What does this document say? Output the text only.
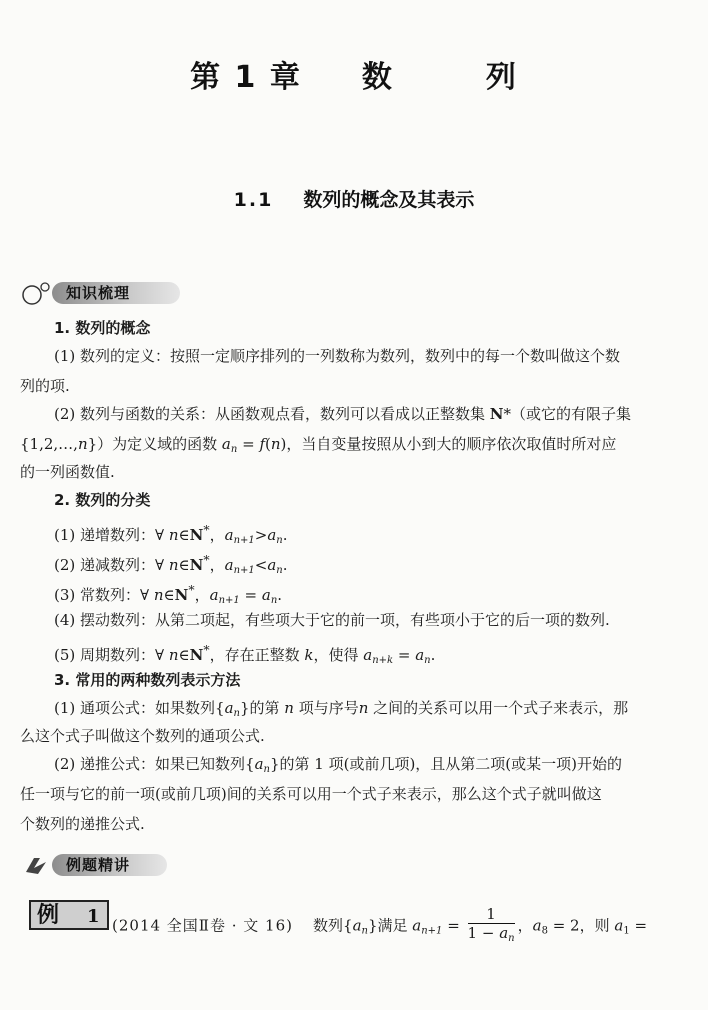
第 1 章 数	列
1.1 数列的概念及其表示
知识梳理
1. 数列的概念
(1) 数列的定义：按照一定顺序排列的一列数称为数列，数列中的每一个数叫做这个数
列的项.
(2) 数列与函数的关系：从函数观点看，数列可以看成以正整数集 N*（或它的有限子集
{1,2,…,n}）为定义域的函数 $a_n = f(n)$，当自变量按照从小到大的顺序依次取值时所对应
的一列函数值.
2. 数列的分类
(1) 递增数列：∀ n∈N*，$a_{n+1}>a_n$.
(2) 递减数列：∀ n∈N*，$a_{n+1}<a_n$.
(3) 常数列：∀ n∈N*，$a_{n+1} = a_n$.
(4) 摆动数列：从第二项起，有些项大于它的前一项，有些项小于它的后一项的数列.
(5) 周期数列：∀ n∈N*，存在正整数 k，使得 $a_{n+k} = a_n$.
3. 常用的两种数列表示方法
(1) 通项公式：如果数列$\{a_n\}$的第 n 项与序号n 之间的关系可以用一个式子来表示，那
么这个式子叫做这个数列的通项公式.
(2) 递推公式：如果已知数列$\{a_n\}$的第 1 项(或前几项)，且从第二项(或某一项)开始的
任一项与它的前一项(或前几项)间的关系可以用一个式子来表示，那么这个式子就叫做这
个数列的递推公式.
例题精讲
例 1 (2014 全国Ⅱ卷 · 文 16) 数列$\{a_n\}$满足 $a_{n+1} = \frac{1}{1 - a_n}$ ，$a_8 = 2$，则 $a_1$ =
